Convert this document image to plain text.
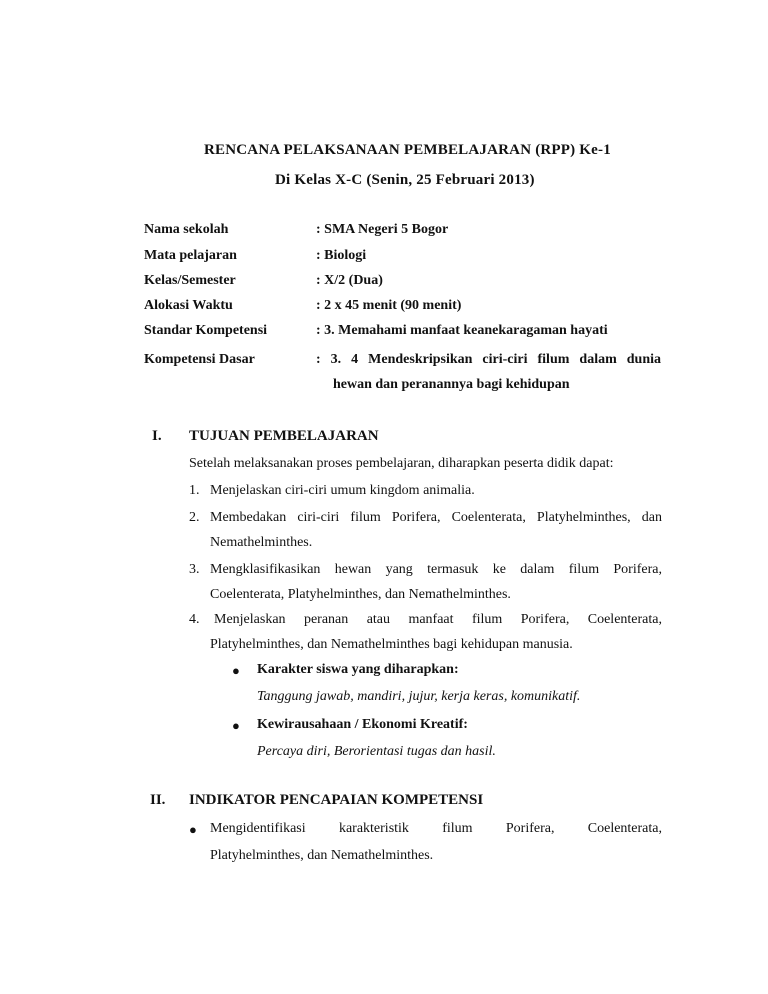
RENCANA PELAKSANAAN PEMBELAJARAN (RPP) Ke-1
Di Kelas X-C (Senin, 25 Februari 2013)
Nama sekolah	: SMA Negeri 5 Bogor
Mata pelajaran	: Biologi
Kelas/Semester	: X/2 (Dua)
Alokasi Waktu	: 2 x 45 menit (90 menit)
Standar Kompetensi	: 3. Memahami manfaat keanekaragaman hayati
Kompetensi Dasar	: 3. 4 Mendeskripsikan ciri-ciri filum dalam dunia
hewan dan peranannya bagi kehidupan
I. TUJUAN PEMBELAJARAN
Setelah melaksanakan proses pembelajaran, diharapkan peserta didik dapat:
1. Menjelaskan ciri-ciri umum kingdom animalia.
2. Membedakan ciri-ciri filum Porifera, Coelenterata, Platyhelminthes, dan
Nemathelminthes.
3. Mengklasifikasikan hewan yang termasuk ke dalam filum Porifera,
Coelenterata, Platyhelminthes, dan Nemathelminthes.
4. Menjelaskan peranan atau manfaat filum Porifera, Coelenterata,
Platyhelminthes, dan Nemathelminthes bagi kehidupan manusia.
● Karakter siswa yang diharapkan:
Tanggung jawab, mandiri, jujur, kerja keras, komunikatif.
● Kewirausahaan / Ekonomi Kreatif:
Percaya diri, Berorientasi tugas dan hasil.
II. INDIKATOR PENCAPAIAN KOMPETENSI
● Mengidentifikasi karakteristik filum Porifera, Coelenterata,
Platyhelminthes, dan Nemathelminthes.
